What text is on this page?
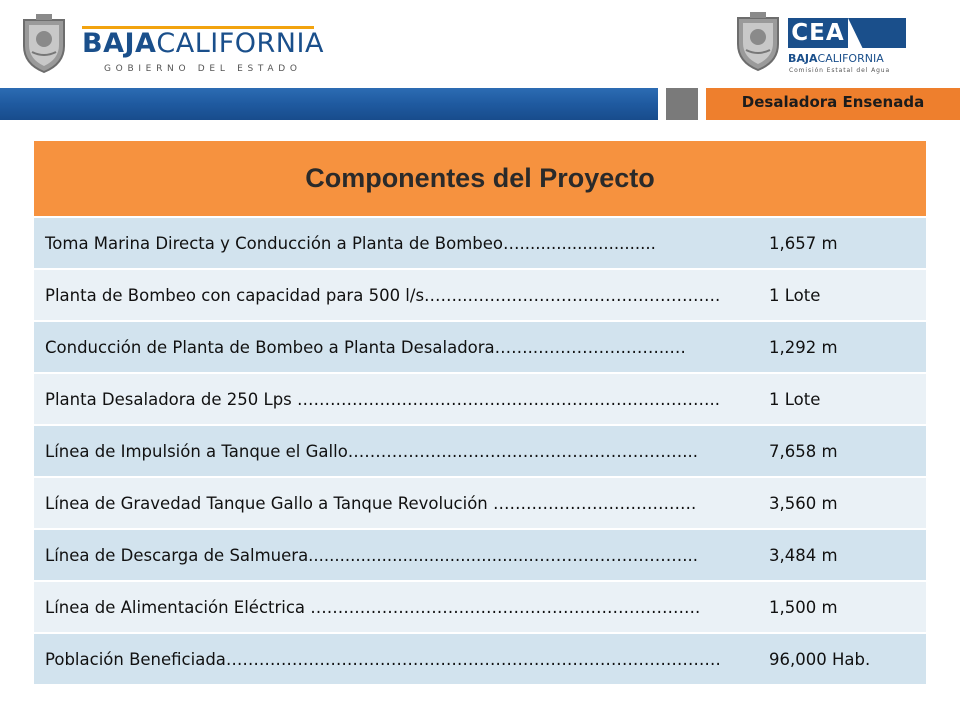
BAJACALIFORNIA
GOBIERNO DEL ESTADO
CEA
BAJACALIFORNIA
Comisión Estatal del Agua
Desaladora Ensenada
Componentes del Proyecto
Toma Marina Directa y Conducción a Planta de Bombeo…..........................	1,657 m
Planta de Bombeo con capacidad para 500 l/s……..……………………………………….	1 Lote
Conducción de Planta de Bombeo a Planta Desaladora……..…………….……..…	1,292 m
Planta Desaladora de 250 Lps …………………………………………………………………..	1 Lote
Línea de Impulsión a Tanque el Gallo………………...……….…………………………...	7,658 m
Línea de Gravedad Tanque Gallo a Tanque Revolución ……………………………….	3,560 m
Línea de Descarga de Salmuera...........................................………………………...	3,484 m
Línea de Alimentación Eléctrica ……………………….…………………………………….	1,500 m
Población Beneficiada………………………………………………………………………………	96,000 Hab.
